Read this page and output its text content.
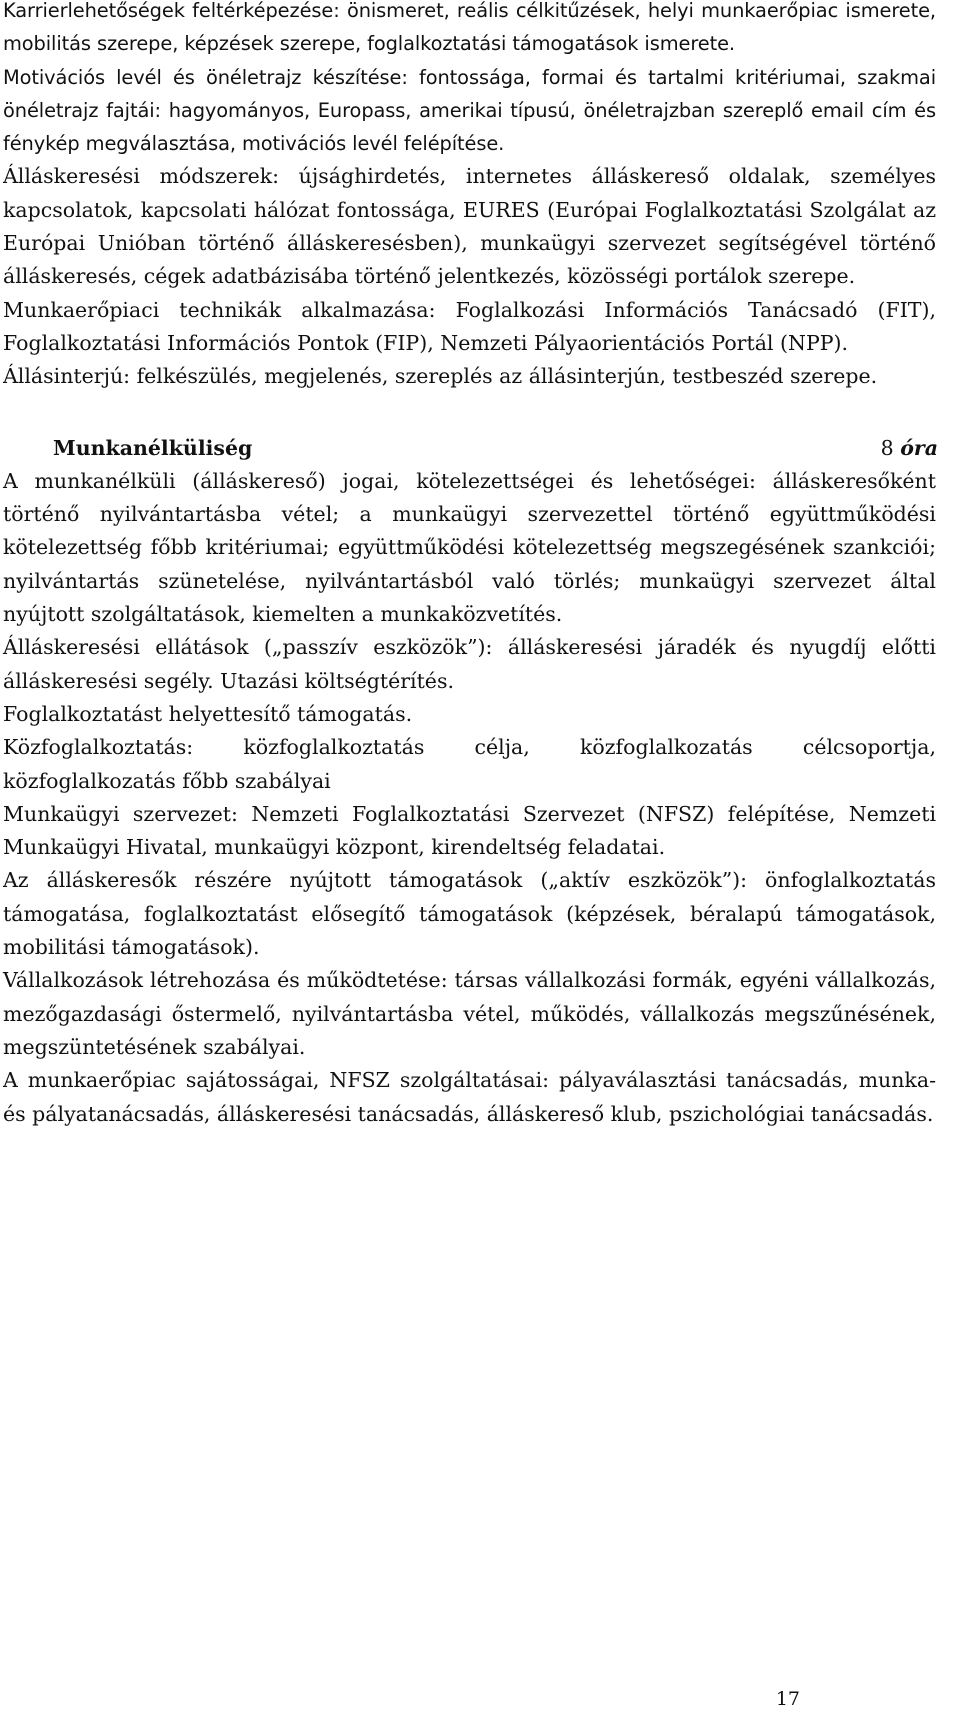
Karrierlehetőségek feltérképezése: önismeret, reális célkitűzések, helyi munkaerőpiac ismerete, mobilitás szerepe, képzések szerepe, foglalkoztatási támogatások ismerete.

Motivációs levél és önéletrajz készítése: fontossága, formai és tartalmi kritériumai, szakmai önéletrajz fajtái: hagyományos, Europass, amerikai típusú, önéletrajzban szereplő email cím és fénykép megválasztása, motivációs levél felépítése.

Álláskeresési módszerek: újsághirdetés, internetes álláskereső oldalak, személyes kapcsolatok, kapcsolati hálózat fontossága, EURES (Európai Foglalkoztatási Szolgálat az Európai Unióban történő álláskeresésben), munkaügyi szervezet segítségével történő álláskeresés, cégek adatbázisába történő jelentkezés, közösségi portálok szerepe.

Munkaerőpiaci technikák alkalmazása: Foglalkozási Információs Tanácsadó (FIT), Foglalkoztatási Információs Pontok (FIP), Nemzeti Pályaorientációs Portál (NPP).

Állásinterjú: felkészülés, megjelenés, szereplés az állásinterjún, testbeszéd szerepe.

Munkanélküliség	8 óra

A munkanélküli (álláskereső) jogai, kötelezettségei és lehetőségei: álláskeresőként történő nyilvántartásba vétel; a munkaügyi szervezettel történő együttműködési kötelezettség főbb kritériumai; együttműködési kötelezettség megszegésének szankciói; nyilvántartás szünetelése, nyilvántartásból való törlés; munkaügyi szervezet által nyújtott szolgáltatások, kiemelten a munkaközvetítés.

Álláskeresési ellátások („passzív eszközök”): álláskeresési járadék és nyugdíj előtti álláskeresési segély. Utazási költségtérítés.

Foglalkoztatást helyettesítő támogatás.

Közfoglalkoztatás: közfoglalkoztatás célja, közfoglalkozatás célcsoportja, közfoglalkozatás főbb szabályai

Munkaügyi szervezet: Nemzeti Foglalkoztatási Szervezet (NFSZ) felépítése, Nemzeti Munkaügyi Hivatal, munkaügyi központ, kirendeltség feladatai.

Az álláskeresők részére nyújtott támogatások („aktív eszközök”): önfoglalkoztatás támogatása, foglalkoztatást elősegítő támogatások (képzések, béralapú támogatások, mobilitási támogatások).

Vállalkozások létrehozása és működtetése: társas vállalkozási formák, egyéni vállalkozás, mezőgazdasági őstermelő, nyilvántartásba vétel, működés, vállalkozás megszűnésének, megszüntetésének szabályai.

A munkaerőpiac sajátosságai, NFSZ szolgáltatásai: pályaválasztási tanácsadás, munka- és pályatanácsadás, álláskeresési tanácsadás, álláskereső klub, pszichológiai tanácsadás.

17
